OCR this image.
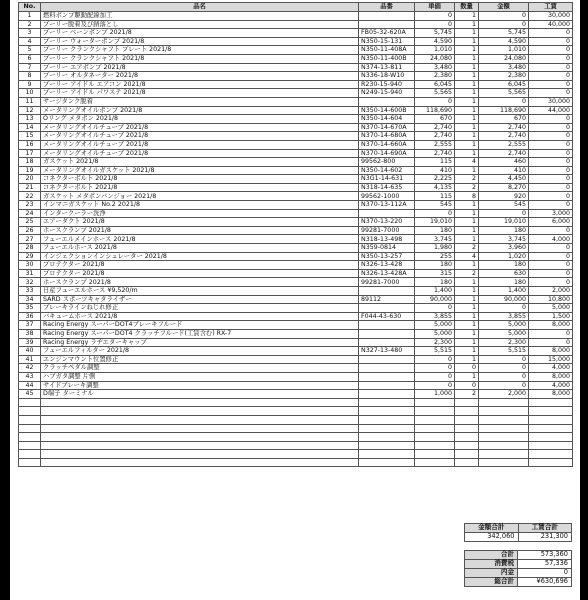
No.	品名	品番	単価	数量	金額	工賃
1	燃料ポンプ駆動配線加工		0	1	0	30,000
2	プーリー脱着及び錆落とし		0	1	0	40,000
3	プーリー ベーンポンプ 2021/8	FB05-32-620A	5,745	1	5,745	0
4	プーリー ウォーターポンプ 2021/8	N350-15-131	4,590	1	4,590	0
5	プーリー クランクシャフト プレート 2021/8	N350-11-408A	1,010	1	1,010	0
6	プーリー クランクシャフト 2021/8	N350-11-400B	24,080	1	24,080	0
7	プーリー エアポンプ 2021/8	N374-13-811	3,480	1	3,480	0
8	プーリー オルタネーター 2021/8	N336-18-W10	2,380	1	2,380	0
9	プーリー アイドル エアコン 2021/8	R230-15-940	6,045	1	6,045	0
10	プーリー アイドル パワステ 2021/8	N249-15-940	5,565	1	5,565	0
11	サージタンク脱着		0	1	0	30,000
12	メータリングオイルポンプ 2021/8	N350-14-600B	118,690	1	118,690	44,000
13	Oリング メタポン 2021/8	N350-14-604	670	1	670	0
14	メータリングオイルチューブ 2021/8	N370-14-670A	2,740	1	2,740	0
15	メータリングオイルチューブ 2021/8	N370-14-680A	2,740	1	2,740	0
16	メータリングオイルチューブ 2021/8	N370-14-660A	2,555	1	2,555	0
17	メータリングオイルチューブ 2021/8	N370-14-690A	2,740	1	2,740	0
18	ガスケット 2021/8	99562-800	115	4	460	0
19	メータリングオイルガスケット 2021/8	N350-14-602	410	1	410	0
20	コネクターボルト 2021/8	N3G1-14-631	2,225	2	4,450	0
21	コネクターボルト 2021/8	N318-14-635	4,135	2	8,270	0
22	ガスケット メタポンバンジョー 2021/8	99562-1000	115	8	920	0
23	インマニガスケット No.2 2021/8	N370-13-112A	545	1	545	0
24	インタークーラー洗浄		0	1	0	3,000
25	エアーダクト 2021/8	N370-13-220	19,010	1	19,010	6,000
26	ホースクランプ 2021/8	99281-7000	180	1	180	0
27	フューエルメインホース 2021/8	N318-13-498	3,745	1	3,745	4,000
28	フューエルホース 2021/8	N359-0814	1,980	2	3,960	0
29	インジェクションインシュレーター 2021/8	N350-13-257	255	4	1,020	0
30	プロテクター 2021/8	N326-13-428	180	1	180	0
31	プロテクター 2021/8	N326-13-428A	315	2	630	0
32	ホースクランプ 2021/8	99281-7000	180	1	180	0
33	日産フューエルホース ¥9,520/m		1,400	1	1,400	2,000
34	SARD スポーツキャタライザー	89112	90,000	1	90,000	10,800
35	ブレーキラインねじれ修正		0	1	0	5,000
36	バキュームホース 2021/8	F044-43-630	3,855	1	3,855	1,500
37	Racing Energy スーパーDOT4ブレーキフルード		5,000	1	5,000	8,000
38	Racing Energy スーパーDOT4 クラッチフルード(工賃含む) RX-7		5,000	1	5,000	0
39	Racing Energy ラヂエターキャップ		2,300	1	2,300	0
40	フューエルフィルター 2021/8	N327-13-480	5,515	1	5,515	8,000
41	エンジンマウント位置修正		0	1	0	15,000
42	クラッチペダル調整		0	0	0	4,000
43	ハブガタ調整 片側		0	1	0	8,000
44	サイドブレーキ調整		0	0	0	4,000
45	D端子 ターミナル		1,000	2	2,000	8,000

金額合計	工賃合計
342,060	231,300
合計	573,360
消費税	57,336
内金	0
総合計	¥630,696
